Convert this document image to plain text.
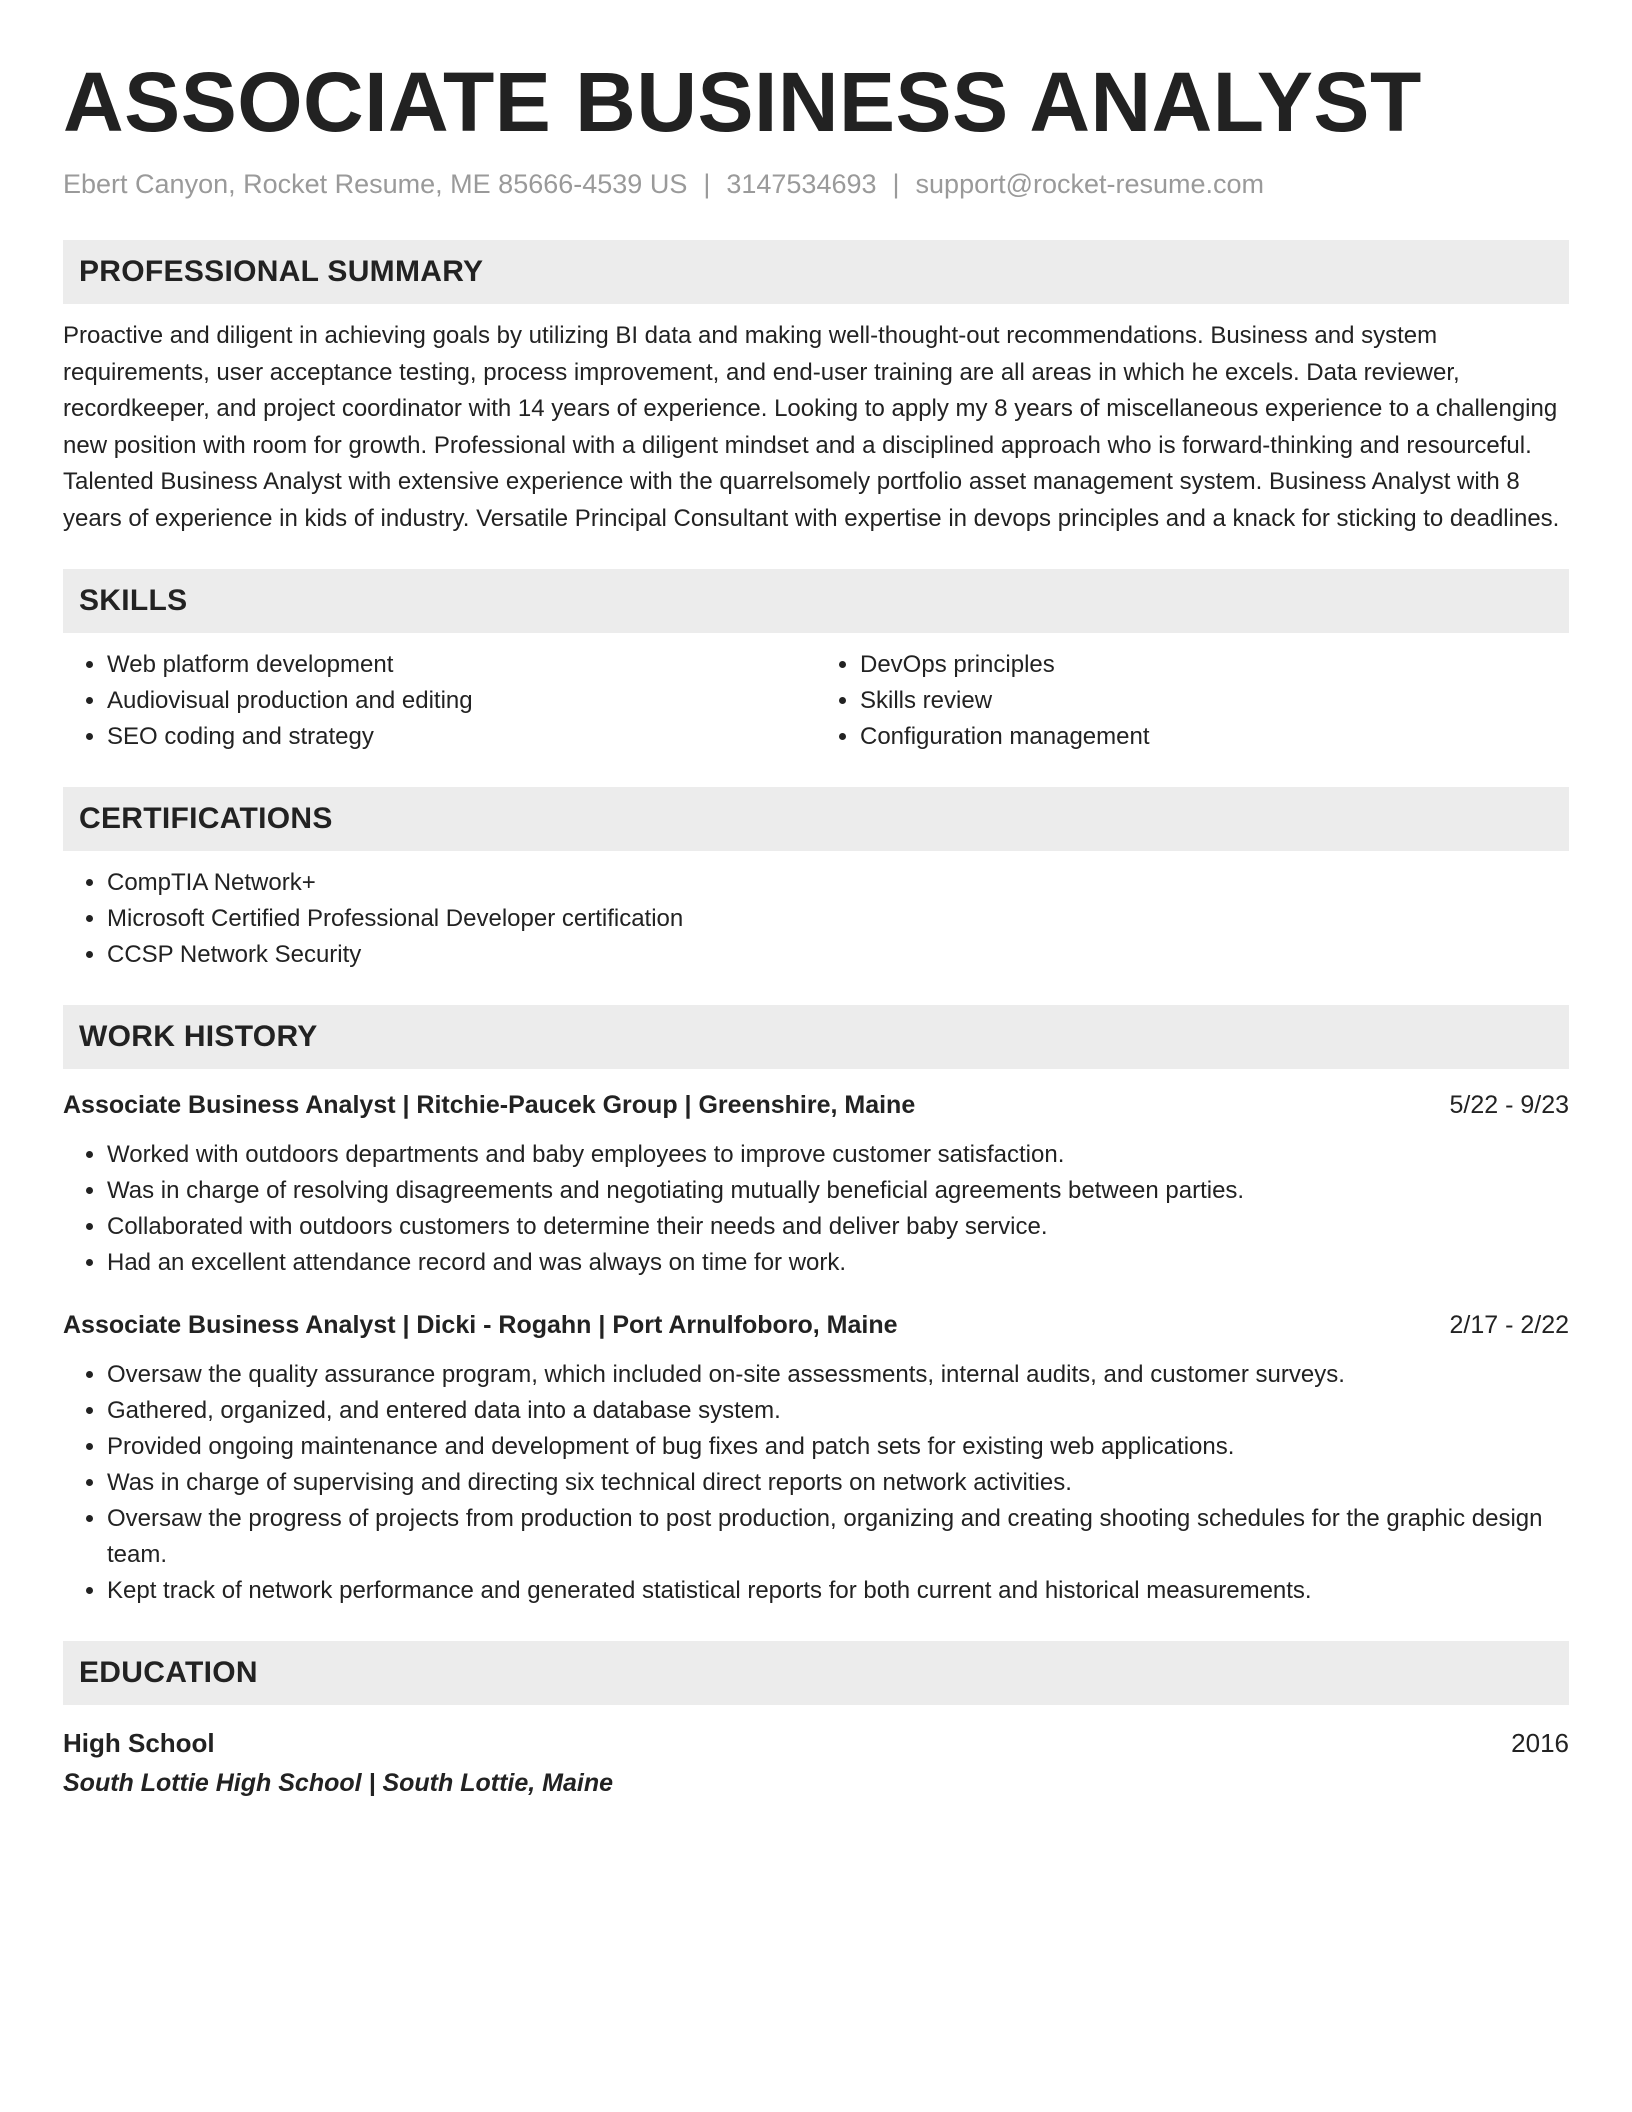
ASSOCIATE BUSINESS ANALYST
Ebert Canyon, Rocket Resume, ME 85666-4539 US | 3147534693 | support@rocket-resume.com
PROFESSIONAL SUMMARY

Proactive and diligent in achieving goals by utilizing BI data and making well-thought-out recommendations. Business and system requirements, user acceptance testing, process improvement, and end-user training are all areas in which he excels. Data reviewer, recordkeeper, and project coordinator with 14 years of experience. Looking to apply my 8 years of miscellaneous experience to a challenging new position with room for growth. Professional with a diligent mindset and a disciplined approach who is forward-thinking and resourceful. Talented Business Analyst with extensive experience with the quarrelsomely portfolio asset management system. Business Analyst with 8 years of experience in kids of industry. Versatile Principal Consultant with expertise in devops principles and a knack for sticking to deadlines.

SKILLS
• Web platform development
• Audiovisual production and editing
• SEO coding and strategy
• DevOps principles
• Skills review
• Configuration management
CERTIFICATIONS
• CompTIA Network+
• Microsoft Certified Professional Developer certification
• CCSP Network Security
WORK HISTORY
Associate Business Analyst | Ritchie-Paucek Group | Greenshire, Maine	5/22 - 9/23
• Worked with outdoors departments and baby employees to improve customer satisfaction.
• Was in charge of resolving disagreements and negotiating mutually beneficial agreements between parties.
• Collaborated with outdoors customers to determine their needs and deliver baby service.
• Had an excellent attendance record and was always on time for work.
Associate Business Analyst | Dicki - Rogahn | Port Arnulfoboro, Maine	2/17 - 2/22
• Oversaw the quality assurance program, which included on-site assessments, internal audits, and customer surveys.
• Gathered, organized, and entered data into a database system.
• Provided ongoing maintenance and development of bug fixes and patch sets for existing web applications.
• Was in charge of supervising and directing six technical direct reports on network activities.
• Oversaw the progress of projects from production to post production, organizing and creating shooting schedules for the graphic design team.
• Kept track of network performance and generated statistical reports for both current and historical measurements.
EDUCATION
High School	2016
South Lottie High School | South Lottie, Maine
